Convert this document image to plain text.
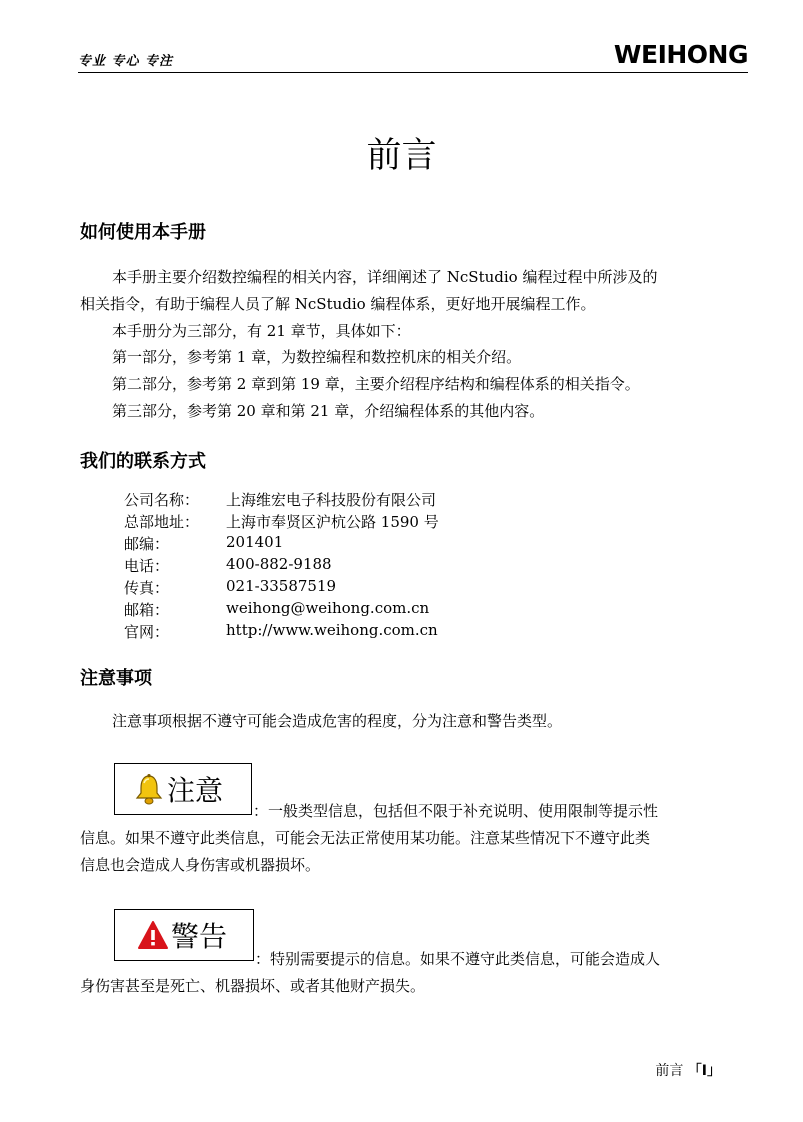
专业 专心 专注	WEIHONG
前言
如何使用本手册
本手册主要介绍数控编程的相关内容，详细阐述了 NcStudio 编程过程中所涉及的
相关指令，有助于编程人员了解 NcStudio 编程体系，更好地开展编程工作。
本手册分为三部分，有 21 章节，具体如下：
第一部分，参考第 1 章，为数控编程和数控机床的相关介绍。
第二部分，参考第 2 章到第 19 章，主要介绍程序结构和编程体系的相关指令。
第三部分，参考第 20 章和第 21 章，介绍编程体系的其他内容。
我们的联系方式
公司名称： 上海维宏电子科技股份有限公司
总部地址： 上海市奉贤区沪杭公路 1590 号
邮编：	201401
电话：	400-882-9188
传真：	021-33587519
邮箱：	weihong@weihong.com.cn
官网：	http://www.weihong.com.cn
注意事项
注意事项根据不遵守可能会造成危害的程度，分为注意和警告类型。
注意
：一般类型信息，包括但不限于补充说明、使用限制等提示性
信息。如果不遵守此类信息，可能会无法正常使用某功能。注意某些情况下不遵守此类
信息也会造成人身伤害或机器损坏。
警告
：特别需要提示的信息。如果不遵守此类信息，可能会造成人
身伤害甚至是死亡、机器损坏、或者其他财产损失。
前言 「I」
